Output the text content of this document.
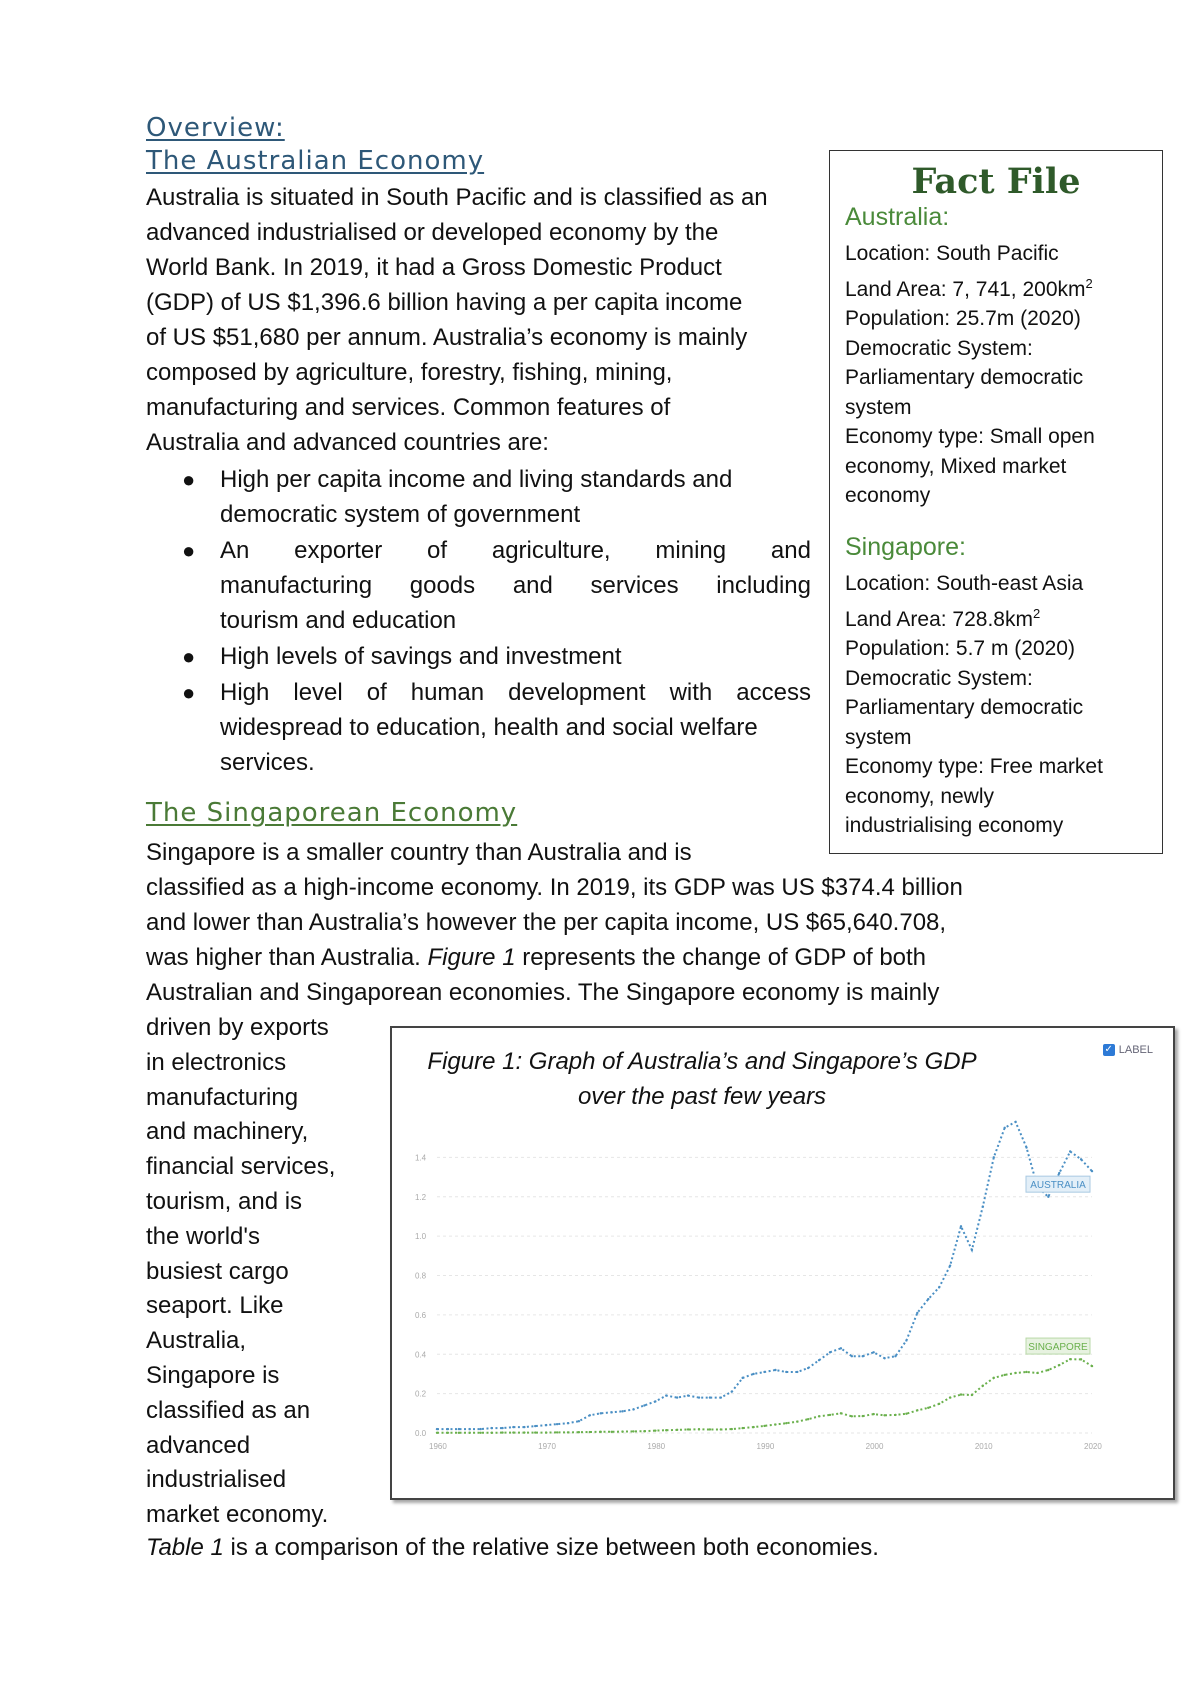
Overview:
The Australian Economy
Australia is situated in South Pacific and is classified as an
advanced industrialised or developed economy by the
World Bank. In 2019, it had a Gross Domestic Product
(GDP) of US $1,396.6 billion having a per capita income
of US $51,680 per annum. Australia’s economy is mainly
composed by agriculture, forestry, fishing, mining,
manufacturing and services. Common features of
Australia and advanced countries are:
● High per capita income and living standards and
democratic system of government
● An exporter of agriculture, mining and
manufacturing goods and services including
tourism and education
● High levels of savings and investment
● High level of human development with access
widespread to education, health and social welfare
services.
Fact File
Australia:
Location: South Pacific
Land Area: 7, 741, $200km^2$
Population: 25.7m (2020)
Democratic System:
Parliamentary democratic
system
Economy type: Small open
economy, Mixed market
economy
Singapore:
Location: South-east Asia
Land Area: $728.8km^2$
Population: 5.7 m (2020)
Democratic System:
Parliamentary democratic
system
Economy type: Free market
economy, newly
industrialising economy
The Singaporean Economy
Singapore is a smaller country than Australia and is
classified as a high-income economy. In 2019, its GDP was US $374.4 billion
and lower than Australia’s however the per capita income, US $65,640.708,
was higher than Australia. Figure 1 represents the change of GDP of both
Australian and Singaporean economies. The Singapore economy is mainly
driven by exports
in electronics
manufacturing
and machinery,
financial services,
tourism, and is
the world's
busiest cargo
seaport. Like
Australia,
Singapore is
classified as an
advanced
industrialised
market economy.
Table 1 is a comparison of the relative size between both economies.
0.0
0.2
0.4
0.6
0.8
1.0
1.2
1.4
1960	1970	1980	1990	2000	2010	2020
AUSTRALIA
SINGAPORE
Figure 1: Graph of Australia’s and Singapore’s GDP
over the past few years
✓ LABEL
